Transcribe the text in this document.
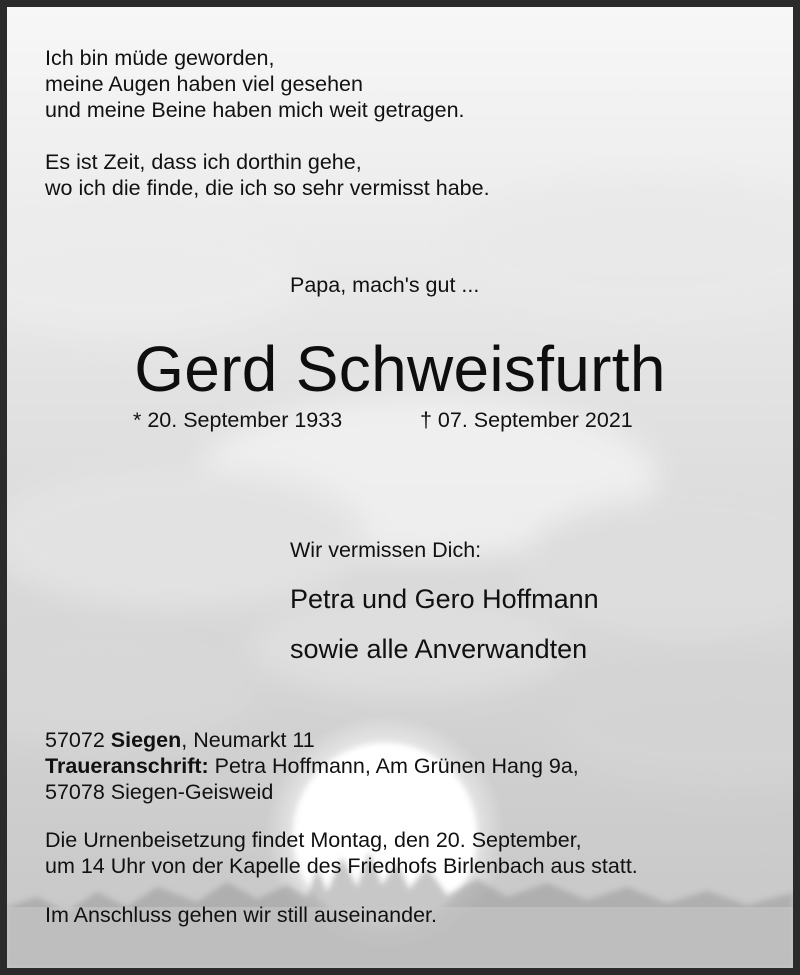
Ich bin müde geworden,
meine Augen haben viel gesehen
und meine Beine haben mich weit getragen.
Es ist Zeit, dass ich dorthin gehe,
wo ich die finde, die ich so sehr vermisst habe.
Papa, mach's gut ...
Gerd Schweisfurth
* 20. September 1933	† 07. September 2021
Wir vermissen Dich:
Petra und Gero Hoffmann
sowie alle Anverwandten
57072 Siegen, Neumarkt 11
Traueranschrift: Petra Hoffmann, Am Grünen Hang 9a,
57078 Siegen-Geisweid
Die Urnenbeisetzung findet Montag, den 20. September,
um 14 Uhr von der Kapelle des Friedhofs Birlenbach aus statt.
Im Anschluss gehen wir still auseinander.
